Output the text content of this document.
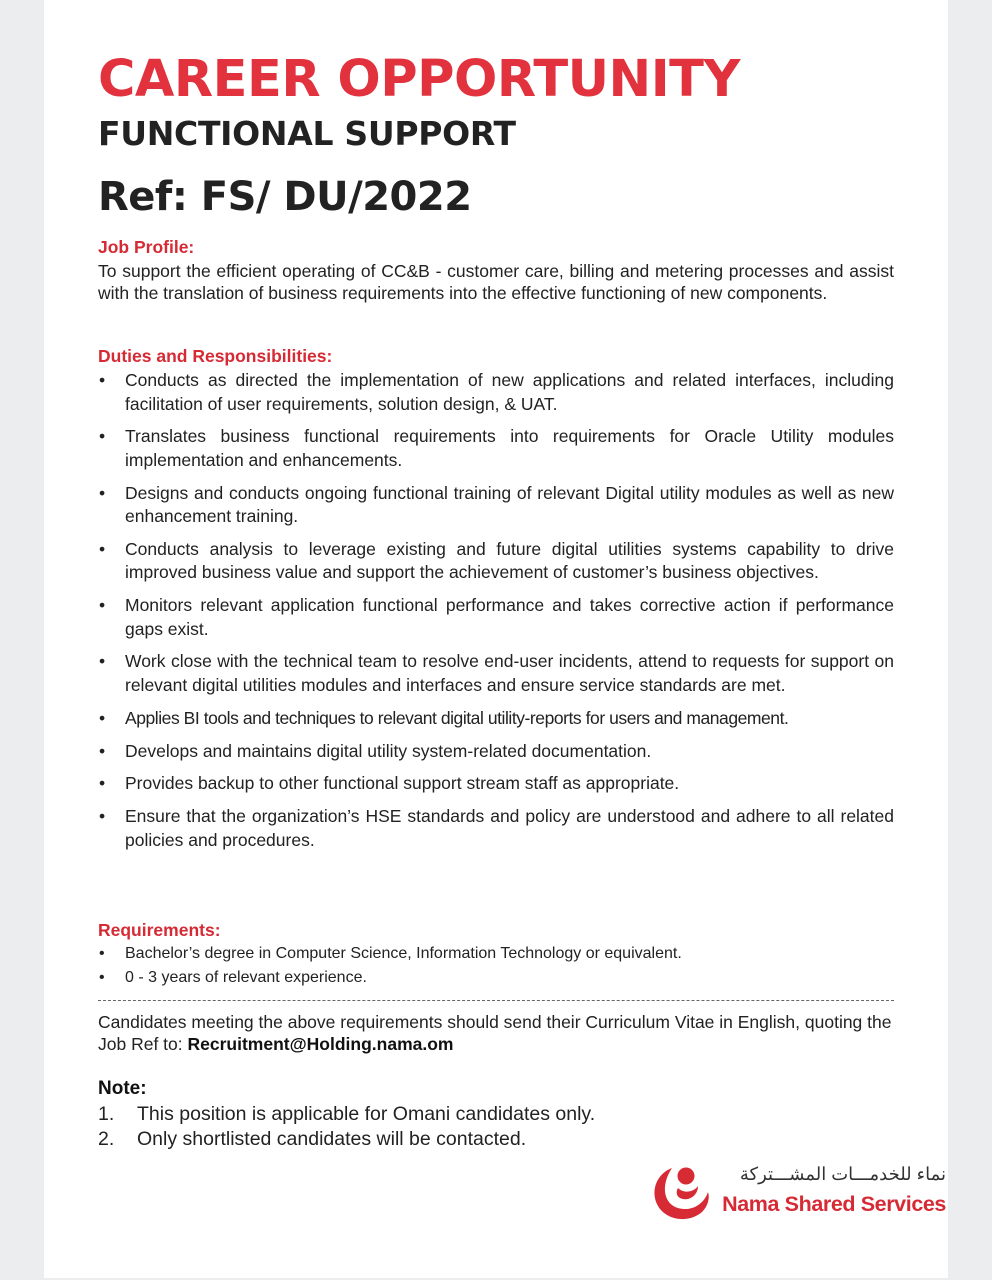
CAREER OPPORTUNITY
FUNCTIONAL SUPPORT
Ref: FS/ DU/2022
Job Profile:

To support the efficient operating of CC&B - customer care, billing and metering processes and assist with the translation of business requirements into the effective functioning of new components.

Duties and Responsibilities:
• Conducts as directed the implementation of new applications and related interfaces, including facilitation of user requirements, solution design, & UAT.
• Translates business functional requirements into requirements for Oracle Utility modules implementation and enhancements.
• Designs and conducts ongoing functional training of relevant Digital utility modules as well as new enhancement training.
• Conducts analysis to leverage existing and future digital utilities systems capability to drive improved business value and support the achievement of customer’s business objectives.
• Monitors relevant application functional performance and takes corrective action if performance gaps exist.
• Work close with the technical team to resolve end-user incidents, attend to requests for support on relevant digital utilities modules and interfaces and ensure service standards are met.
• Applies BI tools and techniques to relevant digital utility-reports for users and management.
• Develops and maintains digital utility system-related documentation.
• Provides backup to other functional support stream staff as appropriate.
• Ensure that the organization’s HSE standards and policy are understood and adhere to all related policies and procedures.
Requirements:
• Bachelor’s degree in Computer Science, Information Technology or equivalent.
• 0 - 3 years of relevant experience.

Candidates meeting the above requirements should send their Curriculum Vitae in English, quoting the Job Ref to: Recruitment@Holding.nama.om

Note:
1. This position is applicable for Omani candidates only.
2. Only shortlisted candidates will be contacted.
نماء للخدمـــات المشـــتركة
Nama Shared Services
